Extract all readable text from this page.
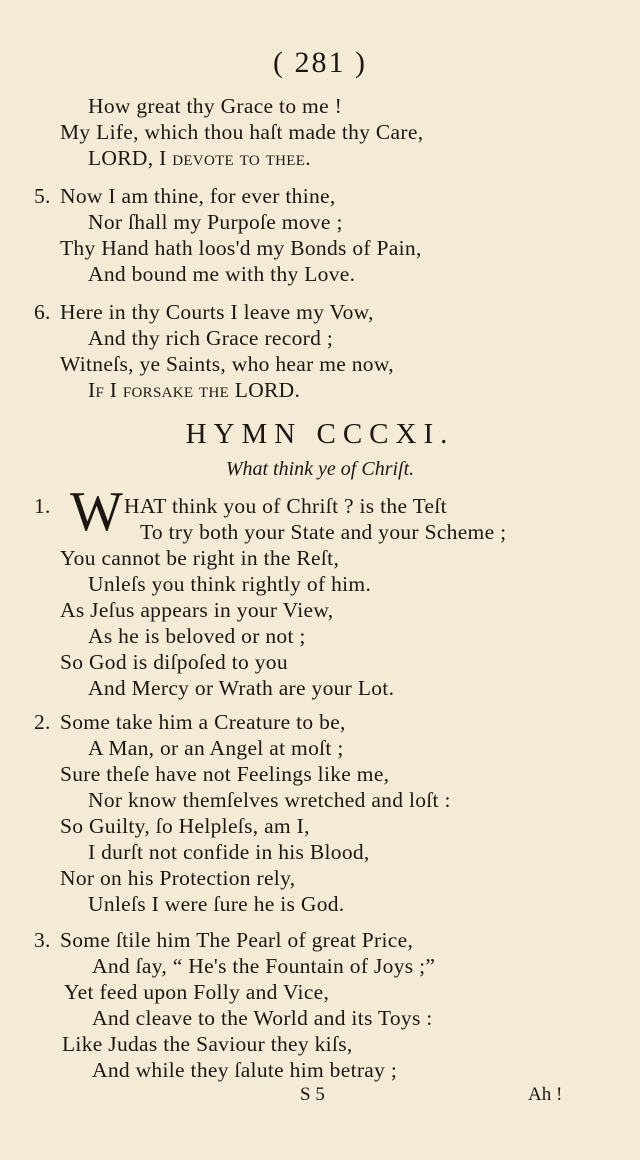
( 281 )
How great thy Grace to me !
My Life, which thou haſt made thy Care,
LORD, I devote to thee.
5. Now I am thine, for ever thine,
Nor ſhall my Purpoſe move ;
Thy Hand hath loos'd my Bonds of Pain,
And bound me with thy Love.
6. Here in thy Courts I leave my Vow,
And thy rich Grace record ;
Witneſs, ye Saints, who hear me now,
If I forſake the LORD.
HYMN CCCXI.
What think ye of Chriſt.
1. W HAT think you of Chriſt ? is the Teſt
To try both your State and your Scheme ;
You cannot be right in the Reſt,
Unleſs you think rightly of him.
As Jeſus appears in your View,
As he is beloved or not ;
So God is diſpoſed to you
And Mercy or Wrath are your Lot.
2. Some take him a Creature to be,
A Man, or an Angel at moſt ;
Sure theſe have not Feelings like me,
Nor know themſelves wretched and loſt :
So Guilty, ſo Helpleſs, am I,
I durſt not confide in his Blood,
Nor on his Protection rely,
Unleſs I were ſure he is God.
3. Some ſtile him The Pearl of great Price,
And ſay, “ He's the Fountain of Joys ;”
Yet feed upon Folly and Vice,
And cleave to the World and its Toys :
Like Judas the Saviour they kiſs,
And while they ſalute him betray ;
S 5	Ah !
